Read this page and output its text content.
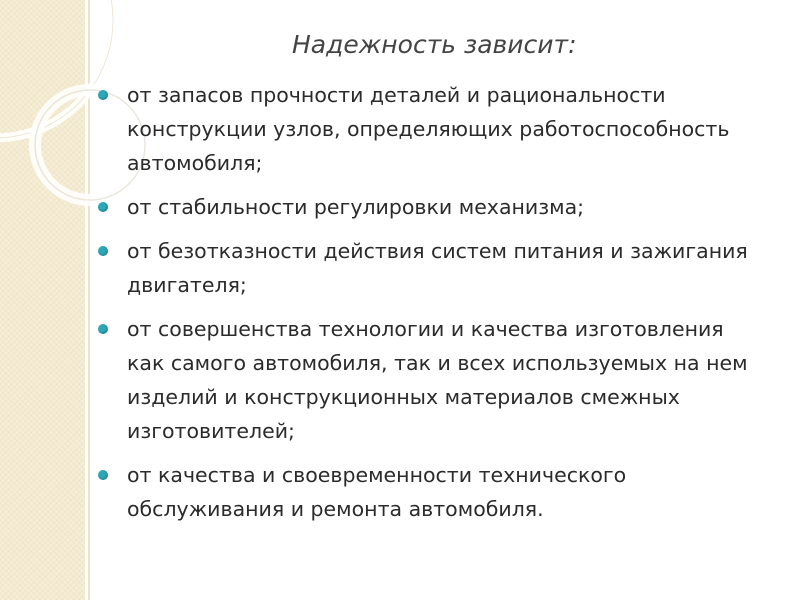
Надежность зависит:
от запасов прочности деталей и рациональности конструкции узлов, определяющих работоспособность автомобиля;
от стабильности регулировки механизма;
от безотказности действия систем питания и зажигания двигателя;
от совершенства технологии и качества изготовления как самого автомобиля, так и всех используемых на нем изделий и конструкционных материалов смежных изготовителей;
от качества и своевременности технического обслуживания и ремонта автомобиля.
